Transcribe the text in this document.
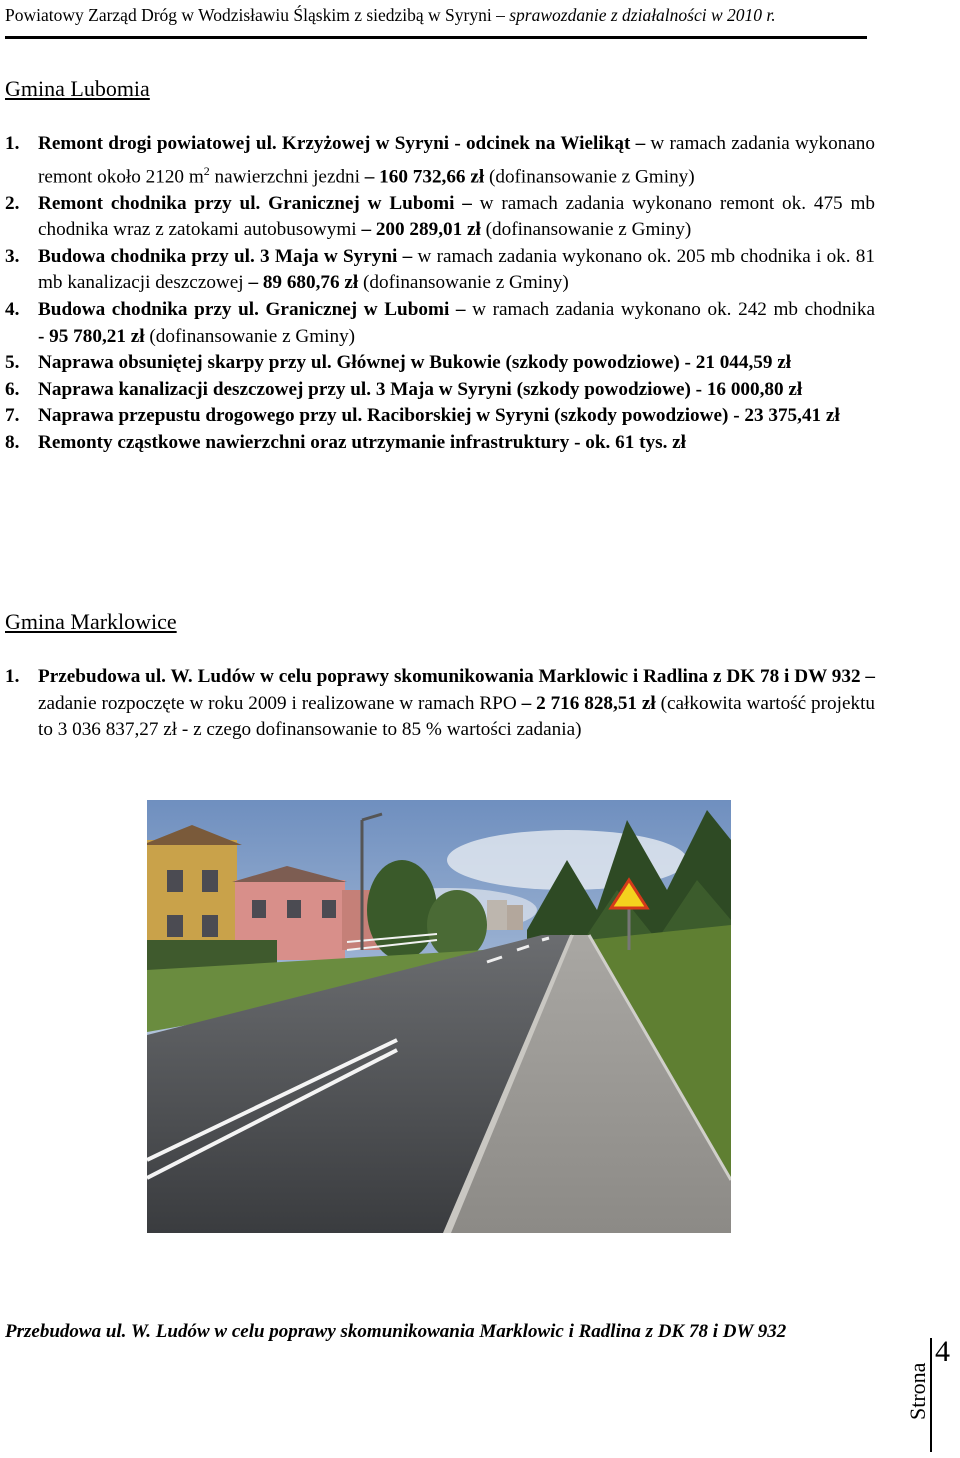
Powiatowy Zarząd Dróg w Wodzisławiu Śląskim z siedzibą w Syryni – sprawozdanie z działalności w 2010 r.
Gmina Lubomia
1. Remont drogi powiatowej ul. Krzyżowej w Syryni - odcinek na Wielikąt – w ramach zadania wykonano remont około 2120 $m^2$ nawierzchni jezdni – 160 732,66 zł (dofinansowanie z Gminy)
2. Remont chodnika przy ul. Granicznej w Lubomi – w ramach zadania wykonano remont ok. 475 mb chodnika wraz z zatokami autobusowymi – 200 289,01 zł (dofinansowanie z Gminy)
3. Budowa chodnika przy ul. 3 Maja w Syryni – w ramach zadania wykonano ok. 205 mb chodnika i ok. 81 mb kanalizacji deszczowej – 89 680,76 zł (dofinansowanie z Gminy)
4. Budowa chodnika przy ul. Granicznej w Lubomi – w ramach zadania wykonano ok. 242 mb chodnika - 95 780,21 zł (dofinansowanie z Gminy)
5. Naprawa obsuniętej skarpy przy ul. Głównej w Bukowie (szkody powodziowe) - 21 044,59 zł
6. Naprawa kanalizacji deszczowej przy ul. 3 Maja w Syryni (szkody powodziowe) - 16 000,80 zł
7. Naprawa przepustu drogowego przy ul. Raciborskiej w Syryni (szkody powodziowe) - 23 375,41 zł
8. Remonty cząstkowe nawierzchni oraz utrzymanie infrastruktury - ok. 61 tys. zł
Gmina Marklowice
1. Przebudowa ul. W. Ludów w celu poprawy skomunikowania Marklowic i Radlina z DK 78 i DW 932 – zadanie rozpoczęte w roku 2009 i realizowane w ramach RPO – 2 716 828,51 zł (całkowita wartość projektu to 3 036 837,27 zł - z czego dofinansowanie to 85 % wartości zadania)
Przebudowa ul. W. Ludów w celu poprawy skomunikowania Marklowic i Radlina z DK 78 i DW 932
Strona
4
